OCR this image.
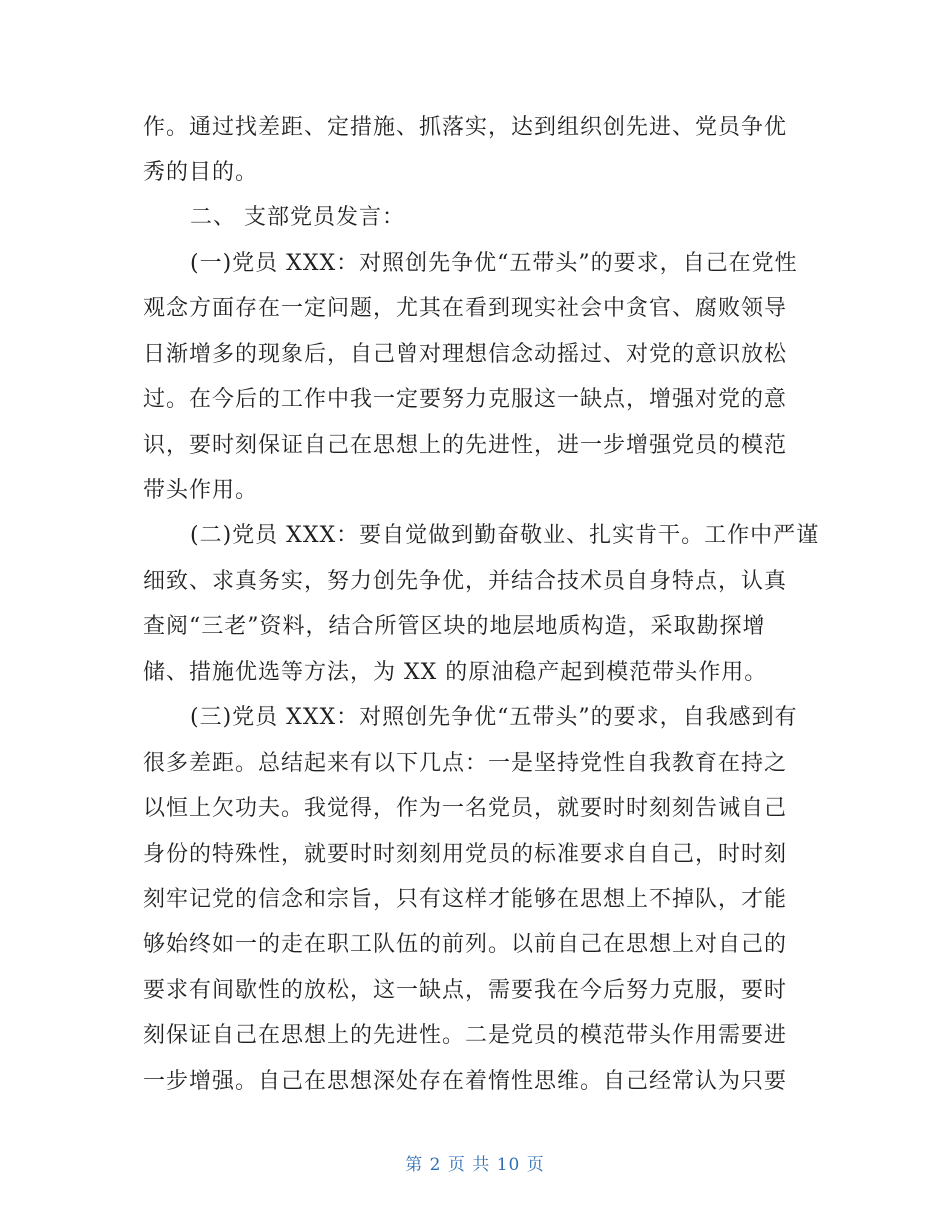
作。通过找差距、定措施、抓落实，达到组织创先进、党员争优
秀的目的。
二、 支部党员发言：
(一)党员 XXX：对照创先争优“五带头”的要求，自己在党性
观念方面存在一定问题，尤其在看到现实社会中贪官、腐败领导
日渐增多的现象后，自己曾对理想信念动摇过、对党的意识放松
过。在今后的工作中我一定要努力克服这一缺点，增强对党的意
识，要时刻保证自己在思想上的先进性，进一步增强党员的模范
带头作用。
(二)党员 XXX：要自觉做到勤奋敬业、扎实肯干。工作中严谨
细致、求真务实，努力创先争优，并结合技术员自身特点，认真
查阅“三老”资料，结合所管区块的地层地质构造，采取勘探增
储、措施优选等方法，为 XX 的原油稳产起到模范带头作用。
(三)党员 XXX：对照创先争优“五带头”的要求，自我感到有
很多差距。总结起来有以下几点：一是坚持党性自我教育在持之
以恒上欠功夫。我觉得，作为一名党员，就要时时刻刻告诫自己
身份的特殊性，就要时时刻刻用党员的标准要求自自己，时时刻
刻牢记党的信念和宗旨，只有这样才能够在思想上不掉队，才能
够始终如一的走在职工队伍的前列。以前自己在思想上对自己的
要求有间歇性的放松，这一缺点，需要我在今后努力克服，要时
刻保证自己在思想上的先进性。二是党员的模范带头作用需要进
一步增强。自己在思想深处存在着惰性思维。自己经常认为只要
第 2 页 共 10 页
